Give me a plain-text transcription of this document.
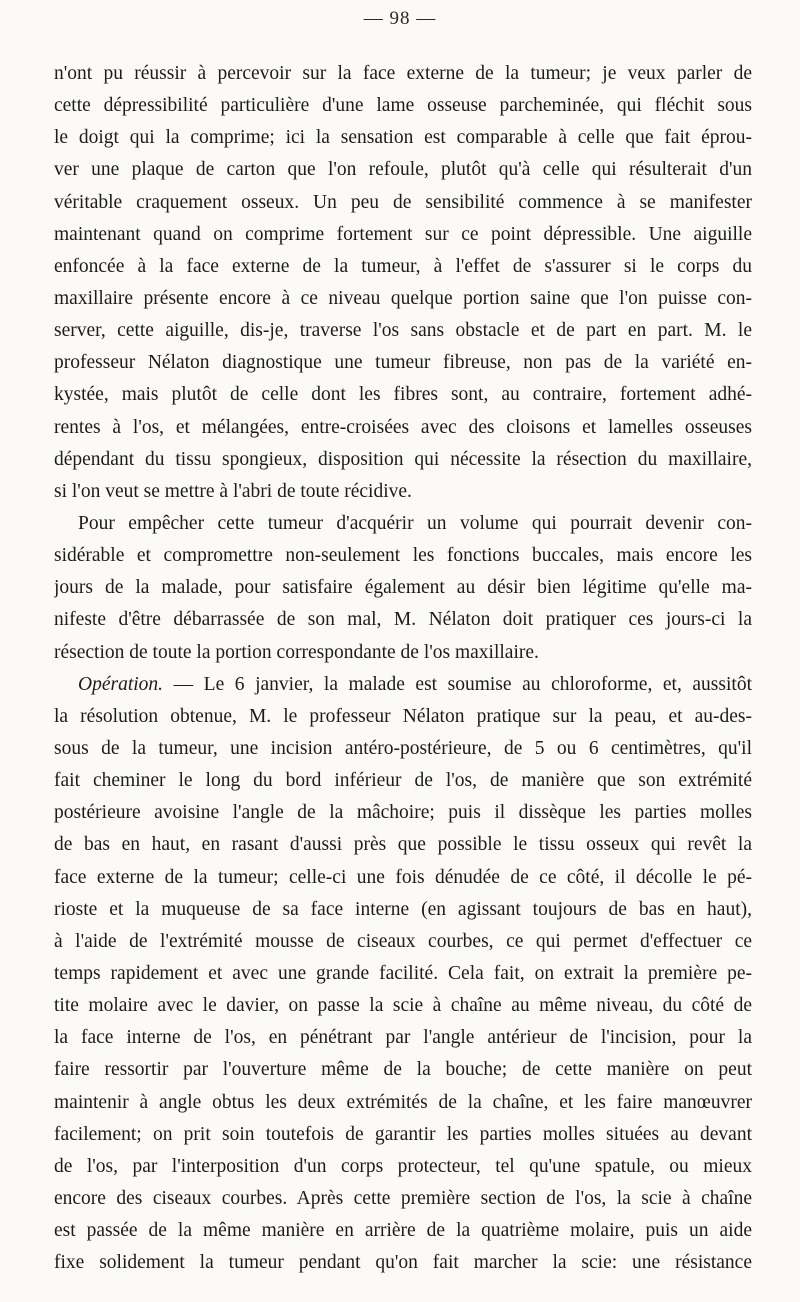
— 98 —
n'ont pu réussir à percevoir sur la face externe de la tumeur; je veux parler de
cette dépressibilité particulière d'une lame osseuse parcheminée, qui fléchit sous
le doigt qui la comprime; ici la sensation est comparable à celle que fait éprou-
ver une plaque de carton que l'on refoule, plutôt qu'à celle qui résulterait d'un
véritable craquement osseux. Un peu de sensibilité commence à se manifester
maintenant quand on comprime fortement sur ce point dépressible. Une aiguille
enfoncée à la face externe de la tumeur, à l'effet de s'assurer si le corps du
maxillaire présente encore à ce niveau quelque portion saine que l'on puisse con-
server, cette aiguille, dis-je, traverse l'os sans obstacle et de part en part. M. le
professeur Nélaton diagnostique une tumeur fibreuse, non pas de la variété en-
kystée, mais plutôt de celle dont les fibres sont, au contraire, fortement adhé-
rentes à l'os, et mélangées, entre-croisées avec des cloisons et lamelles osseuses
dépendant du tissu spongieux, disposition qui nécessite la résection du maxillaire,
si l'on veut se mettre à l'abri de toute récidive.
Pour empêcher cette tumeur d'acquérir un volume qui pourrait devenir con-
sidérable et compromettre non-seulement les fonctions buccales, mais encore les
jours de la malade, pour satisfaire également au désir bien légitime qu'elle ma-
nifeste d'être débarrassée de son mal, M. Nélaton doit pratiquer ces jours-ci la
résection de toute la portion correspondante de l'os maxillaire.
Opération. — Le 6 janvier, la malade est soumise au chloroforme, et, aussitôt
la résolution obtenue, M. le professeur Nélaton pratique sur la peau, et au-des-
sous de la tumeur, une incision antéro-postérieure, de 5 ou 6 centimètres, qu'il
fait cheminer le long du bord inférieur de l'os, de manière que son extrémité
postérieure avoisine l'angle de la mâchoire; puis il dissèque les parties molles
de bas en haut, en rasant d'aussi près que possible le tissu osseux qui revêt la
face externe de la tumeur; celle-ci une fois dénudée de ce côté, il décolle le pé-
rioste et la muqueuse de sa face interne (en agissant toujours de bas en haut),
à l'aide de l'extrémité mousse de ciseaux courbes, ce qui permet d'effectuer ce
temps rapidement et avec une grande facilité. Cela fait, on extrait la première pe-
tite molaire avec le davier, on passe la scie à chaîne au même niveau, du côté de
la face interne de l'os, en pénétrant par l'angle antérieur de l'incision, pour la
faire ressortir par l'ouverture même de la bouche; de cette manière on peut
maintenir à angle obtus les deux extrémités de la chaîne, et les faire manœuvrer
facilement; on prit soin toutefois de garantir les parties molles situées au devant
de l'os, par l'interposition d'un corps protecteur, tel qu'une spatule, ou mieux
encore des ciseaux courbes. Après cette première section de l'os, la scie à chaîne
est passée de la même manière en arrière de la quatrième molaire, puis un aide
fixe solidement la tumeur pendant qu'on fait marcher la scie: une résistance
